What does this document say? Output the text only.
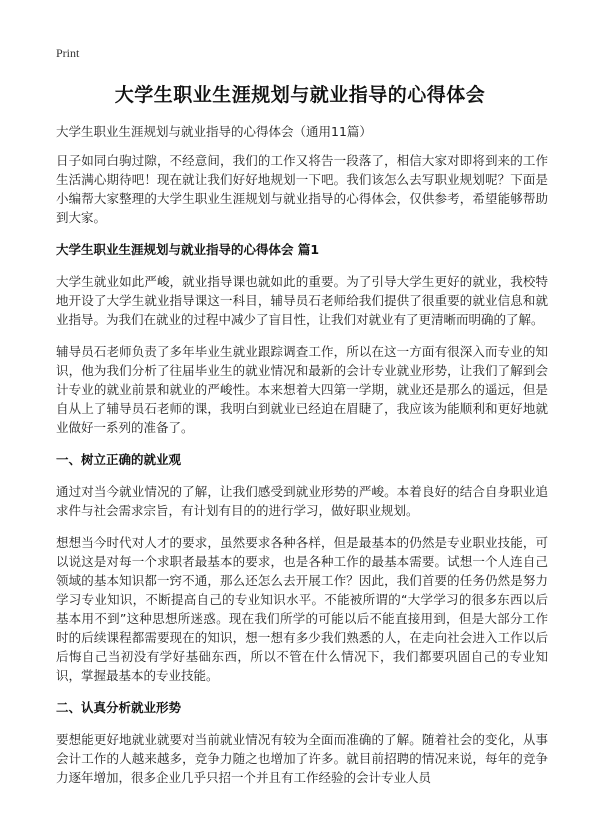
Print
大学生职业生涯规划与就业指导的心得体会

大学生职业生涯规划与就业指导的心得体会（通用11篇）

日子如同白驹过隙，不经意间，我们的工作又将告一段落了，相信大家对即将到来的工作生活满心期待吧！现在就让我们好好地规划一下吧。我们该怎么去写职业规划呢？下面是小编帮大家整理的大学生职业生涯规划与就业指导的心得体会，仅供参考，希望能够帮助到大家。

大学生职业生涯规划与就业指导的心得体会 篇1

大学生就业如此严峻，就业指导课也就如此的重要。为了引导大学生更好的就业，我校特地开设了大学生就业指导课这一科目，辅导员石老师给我们提供了很重要的就业信息和就业指导。为我们在就业的过程中减少了盲目性，让我们对就业有了更清晰而明确的了解。

辅导员石老师负责了多年毕业生就业跟踪调查工作，所以在这一方面有很深入而专业的知识，他为我们分析了往届毕业生的就业情况和最新的会计专业就业形势，让我们了解到会计专业的就业前景和就业的严峻性。本来想着大四第一学期，就业还是那么的遥远，但是自从上了辅导员石老师的课，我明白到就业已经迫在眉睫了，我应该为能顺利和更好地就业做好一系列的准备了。

一、树立正确的就业观

通过对当今就业情况的了解，让我们感受到就业形势的严峻。本着良好的结合自身职业追求件与社会需求宗旨，有计划有目的的进行学习，做好职业规划。

想想当今时代对人才的要求，虽然要求各种各样，但是最基本的仍然是专业职业技能，可以说这是对每一个求职者最基本的要求，也是各种工作的最基本需要。试想一个人连自己领域的基本知识都一窍不通，那么还怎么去开展工作？因此，我们首要的任务仍然是努力学习专业知识，不断提高自己的专业知识水平。不能被所谓的“大学学习的很多东西以后基本用不到”这种思想所迷惑。现在我们所学的可能以后不能直接用到，但是大部分工作时的后续课程都需要现在的知识，想一想有多少我们熟悉的人，在走向社会进入工作以后后悔自己当初没有学好基础东西，所以不管在什么情况下，我们都要巩固自己的专业知识，掌握最基本的专业技能。

二、认真分析就业形势

要想能更好地就业就要对当前就业情况有较为全面而准确的了解。随着社会的变化，从事会计工作的人越来越多，竞争力随之也增加了许多。就目前招聘的情况来说，每年的竞争力逐年增加，很多企业几乎只招一个并且有工作经验的会计专业人员
